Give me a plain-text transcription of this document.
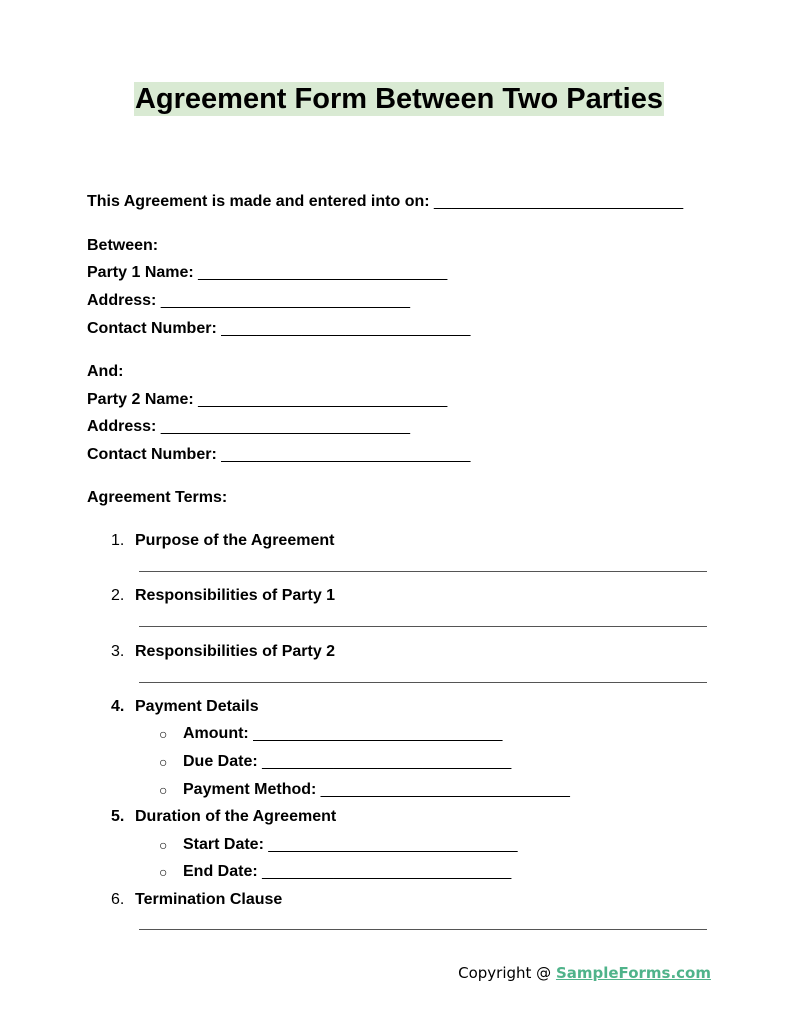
Agreement Form Between Two Parties
This Agreement is made and entered into on: ____________________________
Between:
Party 1 Name: ____________________________
Address: ____________________________
Contact Number: ____________________________
And:
Party 2 Name: ____________________________
Address: ____________________________
Contact Number: ____________________________
Agreement Terms:
1. Purpose of the Agreement
2. Responsibilities of Party 1
3. Responsibilities of Party 2
4. Payment Details
○ Amount: ____________________________
○ Due Date: ____________________________
○ Payment Method: ____________________________
5. Duration of the Agreement
○ Start Date: ____________________________
○ End Date: ____________________________
6. Termination Clause
Copyright @ SampleForms.com
